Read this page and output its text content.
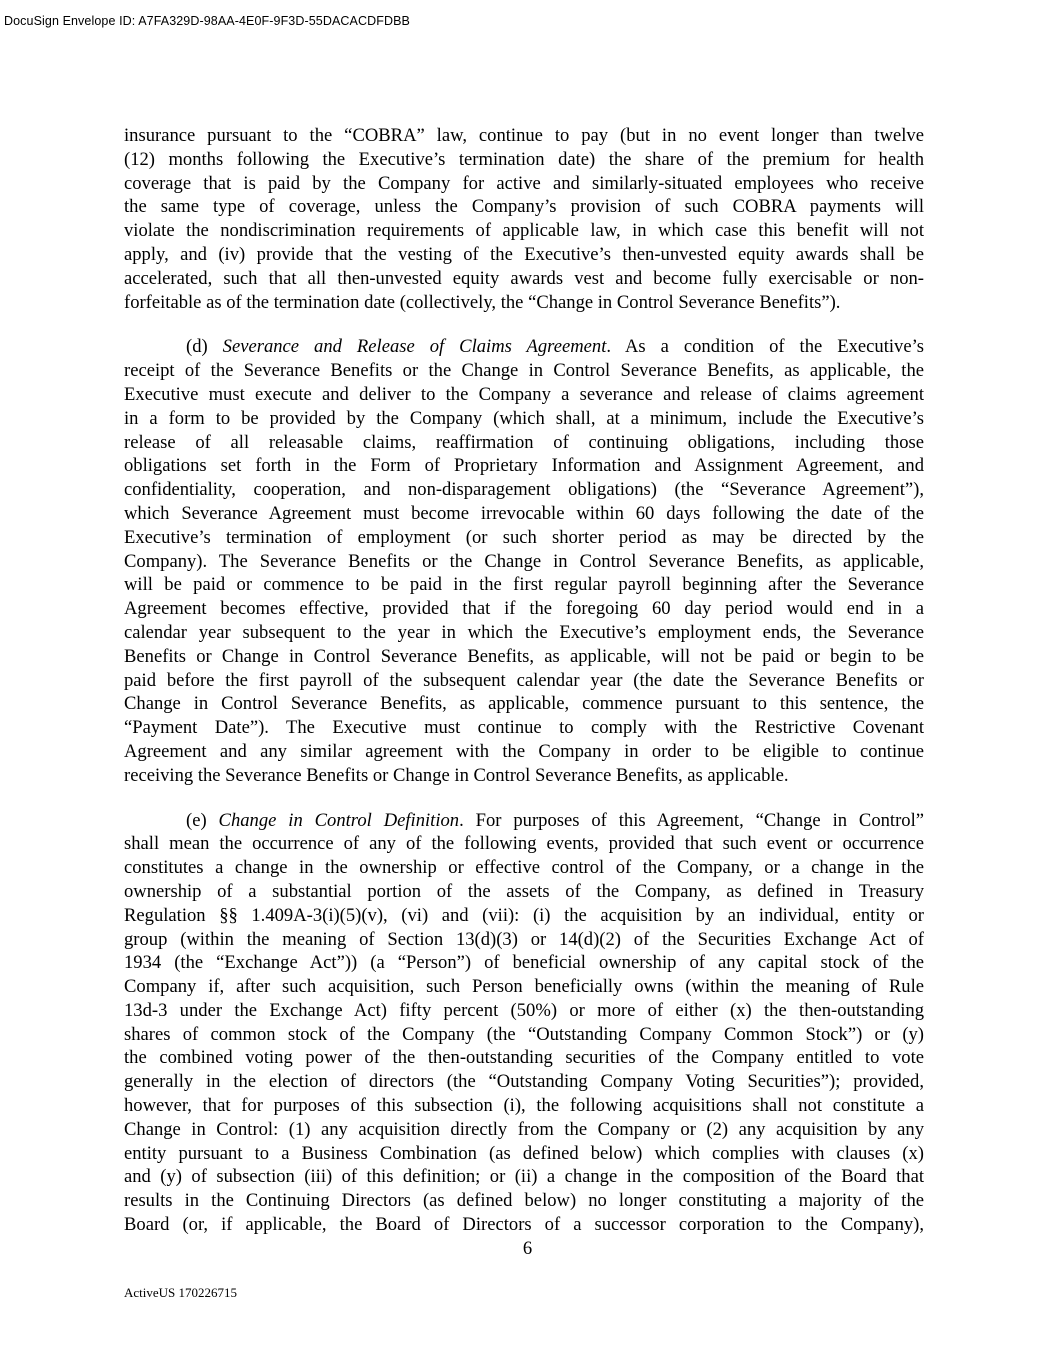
DocuSign Envelope ID: A7FA329D-98AA-4E0F-9F3D-55DACACDFDBB
insurance pursuant to the “COBRA” law, continue to pay (but in no event longer than twelve
(12) months following the Executive’s termination date) the share of the premium for health
coverage that is paid by the Company for active and similarly-situated employees who receive
the same type of coverage, unless the Company’s provision of such COBRA payments will
violate the nondiscrimination requirements of applicable law, in which case this benefit will not
apply, and (iv) provide that the vesting of the Executive’s then-unvested equity awards shall be
accelerated, such that all then-unvested equity awards vest and become fully exercisable or non-
forfeitable as of the termination date (collectively, the “Change in Control Severance Benefits”).
(d) Severance and Release of Claims Agreement. As a condition of the Executive’s
receipt of the Severance Benefits or the Change in Control Severance Benefits, as applicable, the
Executive must execute and deliver to the Company a severance and release of claims agreement
in a form to be provided by the Company (which shall, at a minimum, include the Executive’s
release of all releasable claims, reaffirmation of continuing obligations, including those
obligations set forth in the Form of Proprietary Information and Assignment Agreement, and
confidentiality, cooperation, and non-disparagement obligations) (the “Severance Agreement”),
which Severance Agreement must become irrevocable within 60 days following the date of the
Executive’s termination of employment (or such shorter period as may be directed by the
Company). The Severance Benefits or the Change in Control Severance Benefits, as applicable,
will be paid or commence to be paid in the first regular payroll beginning after the Severance
Agreement becomes effective, provided that if the foregoing 60 day period would end in a
calendar year subsequent to the year in which the Executive’s employment ends, the Severance
Benefits or Change in Control Severance Benefits, as applicable, will not be paid or begin to be
paid before the first payroll of the subsequent calendar year (the date the Severance Benefits or
Change in Control Severance Benefits, as applicable, commence pursuant to this sentence, the
“Payment Date”). The Executive must continue to comply with the Restrictive Covenant
Agreement and any similar agreement with the Company in order to be eligible to continue
receiving the Severance Benefits or Change in Control Severance Benefits, as applicable.
(e) Change in Control Definition. For purposes of this Agreement, “Change in Control”
shall mean the occurrence of any of the following events, provided that such event or occurrence
constitutes a change in the ownership or effective control of the Company, or a change in the
ownership of a substantial portion of the assets of the Company, as defined in Treasury
Regulation §§ 1.409A-3(i)(5)(v), (vi) and (vii): (i) the acquisition by an individual, entity or
group (within the meaning of Section 13(d)(3) or 14(d)(2) of the Securities Exchange Act of
1934 (the “Exchange Act”)) (a “Person”) of beneficial ownership of any capital stock of the
Company if, after such acquisition, such Person beneficially owns (within the meaning of Rule
13d-3 under the Exchange Act) fifty percent (50%) or more of either (x) the then-outstanding
shares of common stock of the Company (the “Outstanding Company Common Stock”) or (y)
the combined voting power of the then-outstanding securities of the Company entitled to vote
generally in the election of directors (the “Outstanding Company Voting Securities”); provided,
however, that for purposes of this subsection (i), the following acquisitions shall not constitute a
Change in Control: (1) any acquisition directly from the Company or (2) any acquisition by any
entity pursuant to a Business Combination (as defined below) which complies with clauses (x)
and (y) of subsection (iii) of this definition; or (ii) a change in the composition of the Board that
results in the Continuing Directors (as defined below) no longer constituting a majority of the
Board (or, if applicable, the Board of Directors of a successor corporation to the Company),
6
ActiveUS 170226715
